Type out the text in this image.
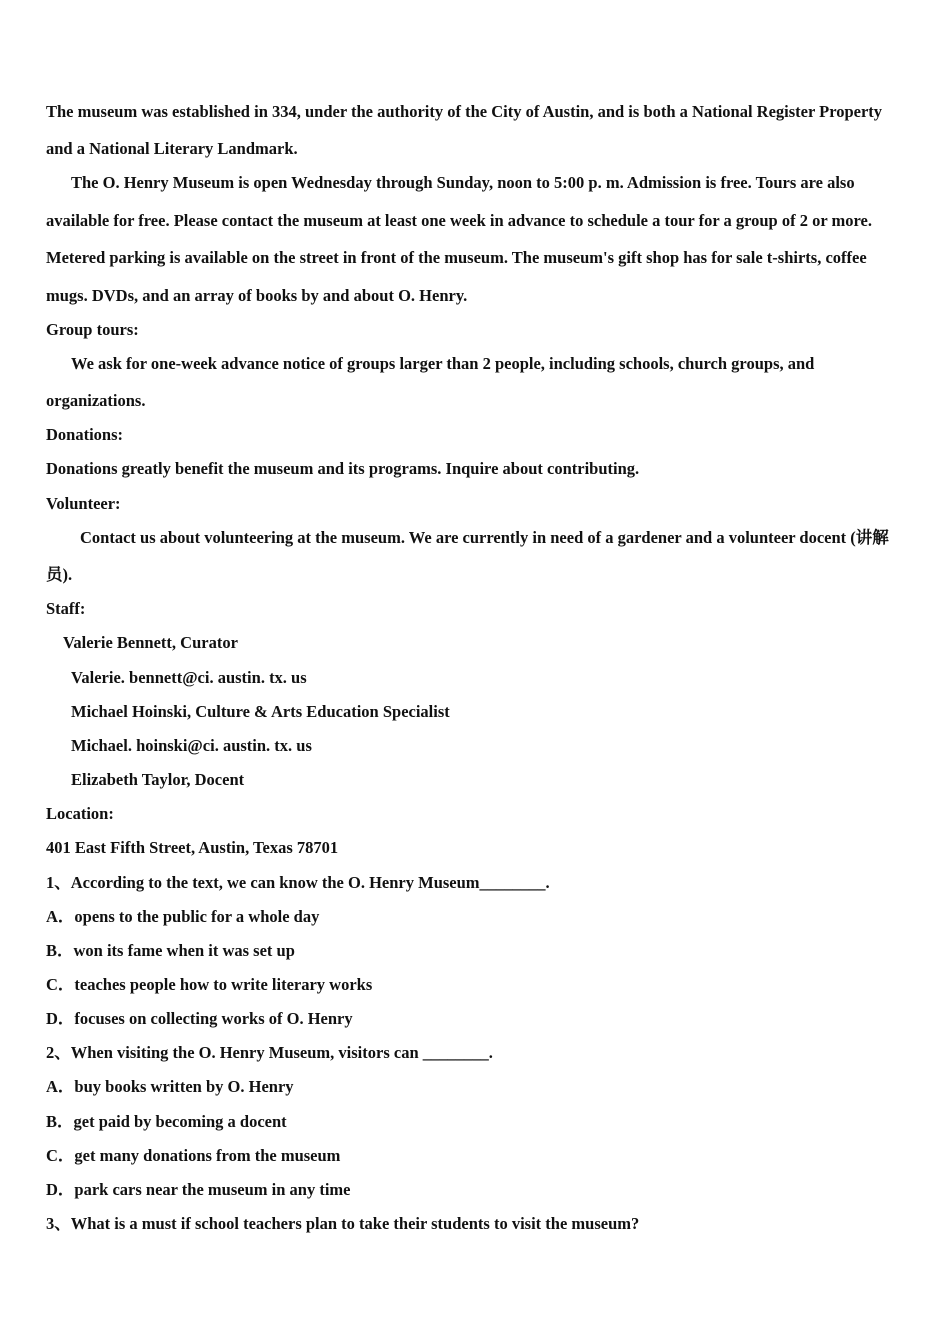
The museum was established in 334, under the authority of the City of Austin, and is both a National Register Property
and a National Literary Landmark.
The O. Henry Museum is open Wednesday through Sunday, noon to 5:00 p. m. Admission is free. Tours are also
available for free. Please contact the museum at least one week in advance to schedule a tour for a group of 2 or more.
Metered parking is available on the street in front of the museum. The museum's gift shop has for sale t-shirts, coffee
mugs. DVDs, and an array of books by and about O. Henry.
Group tours:
We ask for one-week advance notice of groups larger than 2 people, including schools, church groups, and
organizations.
Donations:
Donations greatly benefit the museum and its programs. Inquire about contributing.
Volunteer:
Contact us about volunteering at the museum. We are currently in need of a gardener and a volunteer docent (讲解
员).
Staff:
Valerie Bennett, Curator
Valerie. bennett@ci. austin. tx. us
Michael Hoinski, Culture & Arts Education Specialist
Michael. hoinski@ci. austin. tx. us
Elizabeth Taylor, Docent
Location:
401 East Fifth Street, Austin, Texas 78701
1、According to the text, we can know the O. Henry Museum________.
A．opens to the public for a whole day
B．won its fame when it was set up
C．teaches people how to write literary works
D．focuses on collecting works of O. Henry
2、When visiting the O. Henry Museum, visitors can ________.
A．buy books written by O. Henry
B．get paid by becoming a docent
C．get many donations from the museum
D．park cars near the museum in any time
3、What is a must if school teachers plan to take their students to visit the museum?
